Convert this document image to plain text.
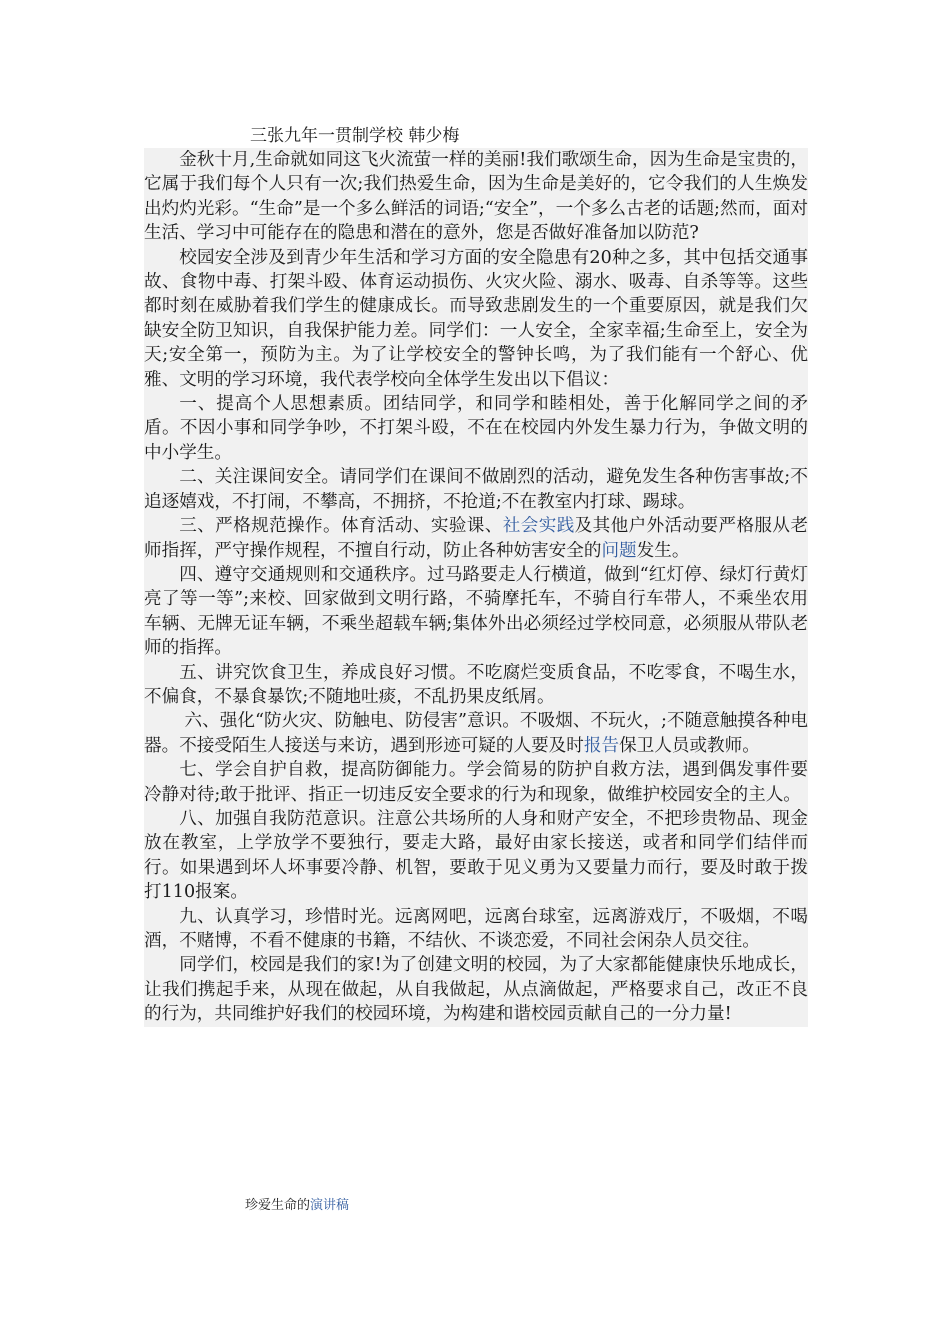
三张九年一贯制学校 韩少梅

金秋十月,生命就如同这飞火流萤一样的美丽!我们歌颂生命，因为生命是宝贵的，它属于我们每个人只有一次;我们热爱生命，因为生命是美好的，它令我们的人生焕发出灼灼光彩。“生命”是一个多么鲜活的词语;“安全”，一个多么古老的话题;然而，面对生活、学习中可能存在的隐患和潜在的意外，您是否做好准备加以防范?

校园安全涉及到青少年生活和学习方面的安全隐患有20种之多，其中包括交通事故、食物中毒、打架斗殴、体育运动损伤、火灾火险、溺水、吸毒、自杀等等。这些都时刻在威胁着我们学生的健康成长。而导致悲剧发生的一个重要原因，就是我们欠缺安全防卫知识，自我保护能力差。同学们：一人安全，全家幸福;生命至上，安全为天;安全第一，预防为主。为了让学校安全的警钟长鸣，为了我们能有一个舒心、优雅、文明的学习环境，我代表学校向全体学生发出以下倡议：

一、提高个人思想素质。团结同学，和同学和睦相处，善于化解同学之间的矛盾。不因小事和同学争吵，不打架斗殴，不在在校园内外发生暴力行为，争做文明的中小学生。

二、关注课间安全。请同学们在课间不做剧烈的活动，避免发生各种伤害事故;不追逐嬉戏，不打闹，不攀高，不拥挤，不抢道;不在教室内打球、踢球。

三、严格规范操作。体育活动、实验课、社会实践及其他户外活动要严格服从老师指挥，严守操作规程，不擅自行动，防止各种妨害安全的问题发生。

四、遵守交通规则和交通秩序。过马路要走人行横道，做到“红灯停、绿灯行黄灯亮了等一等”;来校、回家做到文明行路，不骑摩托车，不骑自行车带人，不乘坐农用车辆、无牌无证车辆，不乘坐超载车辆;集体外出必须经过学校同意，必须服从带队老师的指挥。

五、讲究饮食卫生，养成良好习惯。不吃腐烂变质食品，不吃零食，不喝生水，不偏食，不暴食暴饮;不随地吐痰，不乱扔果皮纸屑。

六、强化“防火灾、防触电、防侵害”意识。不吸烟、不玩火，;不随意触摸各种电器。不接受陌生人接送与来访，遇到形迹可疑的人要及时报告保卫人员或教师。

七、学会自护自救，提高防御能力。学会简易的防护自救方法，遇到偶发事件要冷静对待;敢于批评、指正一切违反安全要求的行为和现象，做维护校园安全的主人。

八、加强自我防范意识。注意公共场所的人身和财产安全，不把珍贵物品、现金放在教室，上学放学不要独行，要走大路，最好由家长接送，或者和同学们结伴而行。如果遇到坏人坏事要冷静、机智，要敢于见义勇为又要量力而行，要及时敢于拨打110报案。

九、认真学习，珍惜时光。远离网吧，远离台球室，远离游戏厅，不吸烟，不喝酒，不赌博，不看不健康的书籍，不结伙、不谈恋爱，不同社会闲杂人员交往。

同学们，校园是我们的家!为了创建文明的校园，为了大家都能健康快乐地成长，让我们携起手来，从现在做起，从自我做起，从点滴做起，严格要求自己，改正不良的行为，共同维护好我们的校园环境，为构建和谐校园贡献自己的一分力量!

珍爱生命的演讲稿
